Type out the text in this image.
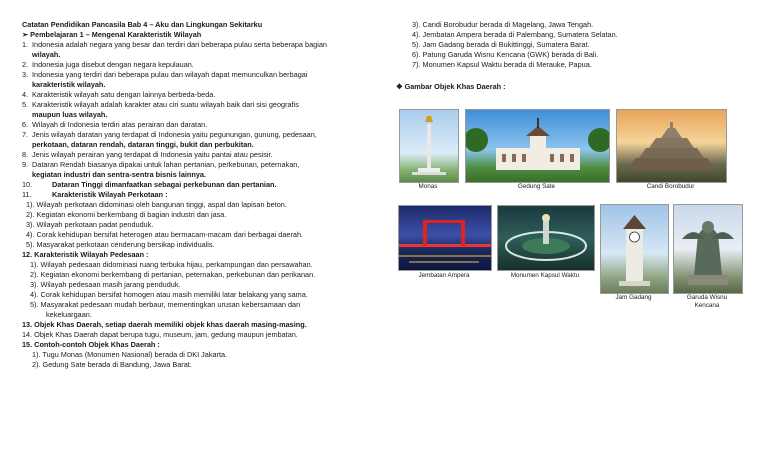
Catatan Pendidikan Pancasila Bab 4 – Aku dan Lingkungan Sekitarku
➢ Pembelajaran 1 – Mengenal Karakteristik Wilayah
1. Indonesia adalah negara yang besar dan terdiri dari beberapa pulau serta beberapa bagian
wilayah.
2. Indonesia juga disebut dengan negara kepulauan.
3. Indonesia yang terdiri dari beberapa pulau dan wilayah dapat memunculkan berbagai
karakteristik wilayah.
4. Karakteristik wilayah satu dengan lainnya berbeda-beda.
5. Karakteristik wilayah adalah karakter atau ciri suatu wilayah baik dari sisi geografis
maupun luas wilayah.
6. Wilayah di Indonesia terdiri atas perairan dan daratan.
7. Jenis wilayah daratan yang terdapat di Indonesia yaitu pegunungan, gunung, pedesaan,
perkotaan, dataran rendah, dataran tinggi, bukit dan perbukitan.
8. Jenis wilayah perairan yang terdapat di Indonesia yaitu pantai atau pesisir.
9. Dataran Rendah biasanya dipakai untuk lahan pertanian, perkebunan, peternakan,
kegiatan industri dan sentra-sentra bisnis lainnya.
10.	Dataran Tinggi dimanfaatkan sebagai perkebunan dan pertanian.
11.	Karakteristik Wilayah Perkotaan :
1). Wilayah perkotaan didominasi oleh bangunan tinggi, aspal dan lapisan beton.
2). Kegiatan ekonomi berkembang di bagian industri dan jasa.
3). Wilayah perkotaan padat penduduk.
4). Corak kehidupan bersifat heterogen atau bermacam-macam dari berbagai daerah.
5). Masyarakat perkotaan cenderung bersikap individualis.
12. Karakteristik Wilayah Pedesaan :
1). Wilayah pedesaan didominasi ruang terbuka hijau, perkampungan dan persawahan.
2). Kegiatan ekonomi berkembang di pertanian, peternakan, perkebunan dan perikanan.
3). Wilayah pedesaan masih jarang penduduk.
4). Corak kehidupan bersifat homogen atau masih memiliki latar belakang yang sama.
5). Masyarakat pedesaan mudah berbaur, mementingkan urusan kebersamaan dan
kekeluargaan.
13. Objek Khas Daerah, setiap daerah memiliki objek khas daerah masing-masing.
14. Objek Khas Daerah dapat berupa tugu, museum, jam, gedung maupun jembatan.
15. Contoh-contoh Objek Khas Daerah :
1). Tugu Monas (Monumen Nasional) berada di DKI Jakarta.
2). Gedung Sate berada di Bandung, Jawa Barat.
3). Candi Borobudur berada di Magelang, Jawa Tengah.
4). Jembatan Ampera berada di Palembang, Sumatera Selatan.
5). Jam Gadang berada di Bukittinggi, Sumatera Barat.
6). Patung Garuda Wisnu Kencana (GWK) berada di Bali.
7). Monumen Kapsul Waktu berada di Merauke, Papua.
❖ Gambar Objek Khas Daerah :
Monas	Gedung Sate	Candi Borobudur
Jembatan Ampera	Monumen Kapsul Waktu
Jam Gadang	Garuda Wisnu
Kencana
